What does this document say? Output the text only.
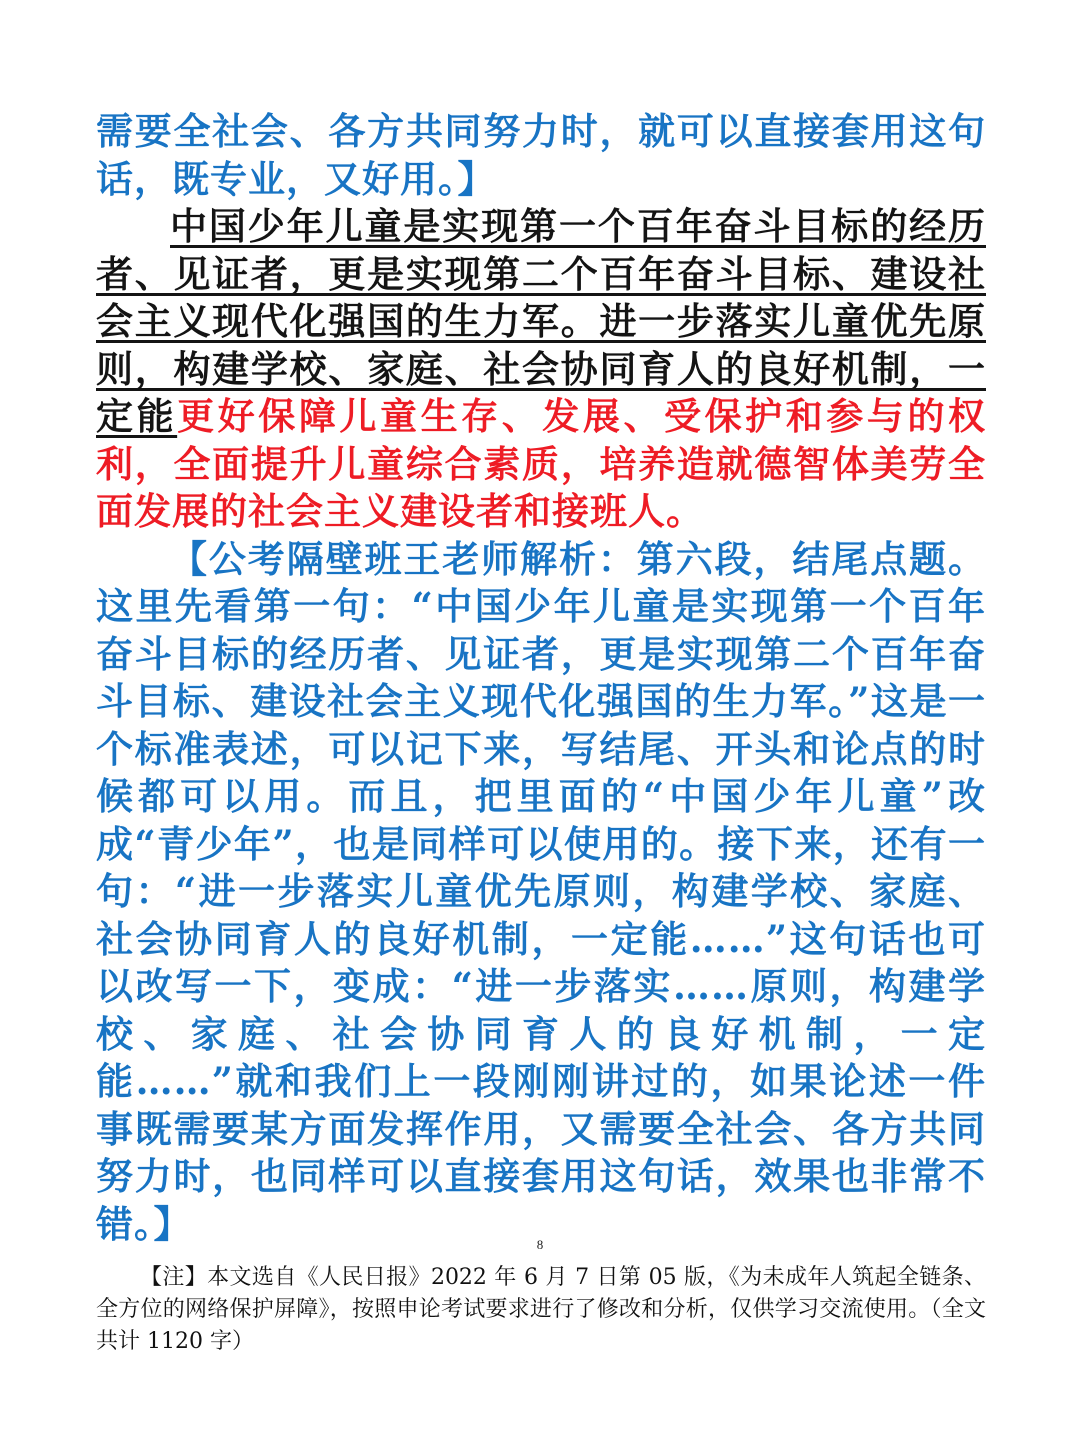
需要全社会、各方共同努力时，就可以直接套用这句话，既专业，又好用。】

中国少年儿童是实现第一个百年奋斗目标的经历者、见证者，更是实现第二个百年奋斗目标、建设社会主义现代化强国的生力军。进一步落实儿童优先原则，构建学校、家庭、社会协同育人的良好机制，一定能更好保障儿童生存、发展、受保护和参与的权利，全面提升儿童综合素质，培养造就德智体美劳全面发展的社会主义建设者和接班人。

【公考隔壁班王老师解析：第六段，结尾点题。这里先看第一句：“中国少年儿童是实现第一个百年奋斗目标的经历者、见证者，更是实现第二个百年奋斗目标、建设社会主义现代化强国的生力军。”这是一个标准表述，可以记下来，写结尾、开头和论点的时候都可以用。而且，把里面的“中国少年儿童”改成“青少年”，也是同样可以使用的。接下来，还有一句：“进一步落实儿童优先原则，构建学校、家庭、社会协同育人的良好机制，一定能……”这句话也可以改写一下，变成：“进一步落实……原则，构建学校、家庭、社会协同育人的良好机制，一定能……”就和我们上一段刚刚讲过的，如果论述一件事既需要某方面发挥作用，又需要全社会、各方共同努力时，也同样可以直接套用这句话，效果也非常不错。】	8

【注】本文选自《人民日报》2022 年 6 月 7 日第 05 版，《为未成年人筑起全链条、全方位的网络保护屏障》，按照申论考试要求进行了修改和分析，仅供学习交流使用。（全文共计 1120 字）
